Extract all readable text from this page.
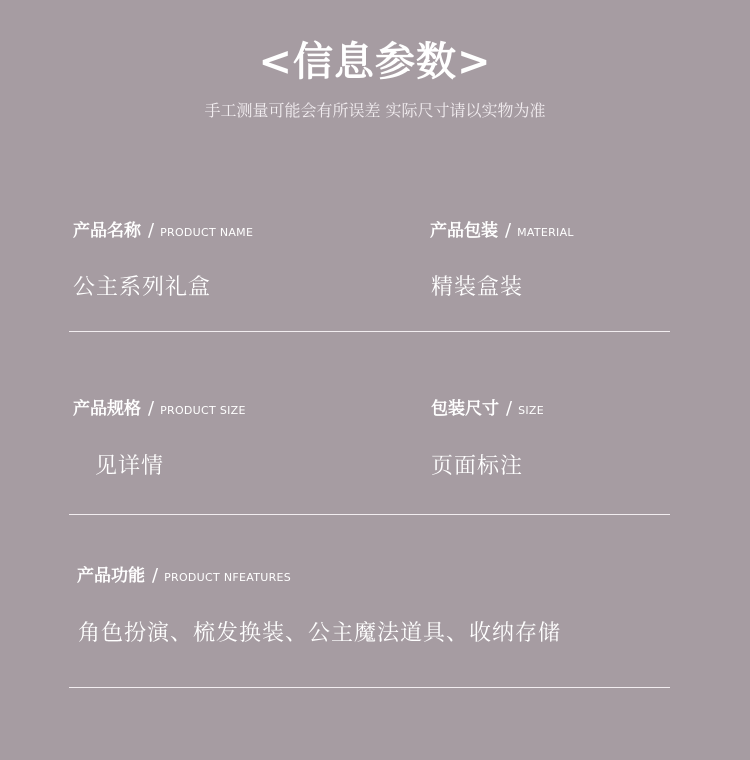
<信息参数>
手工测量可能会有所误差 实际尺寸请以实物为准
产品名称 / PRODUCT NAME
公主系列礼盒
产品包装 / MATERIAL
精装盒装
产品规格 / PRODUCT SIZE
见详情
包装尺寸 / SIZE
页面标注
产品功能 / PRODUCT NFEATURES
角色扮演、梳发换装、公主魔法道具、收纳存储
